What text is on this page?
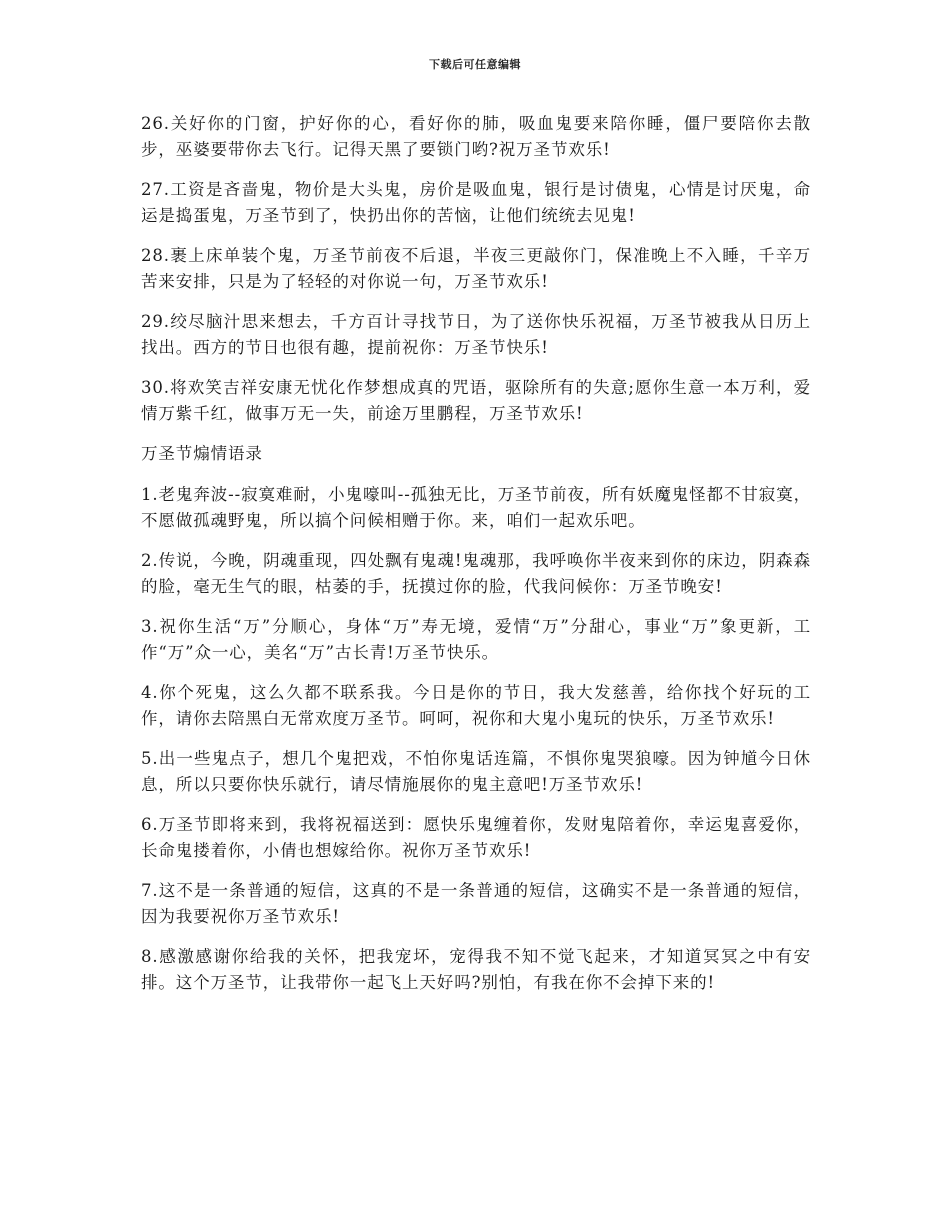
下载后可任意编辑

26.关好你的门窗，护好你的心，看好你的肺，吸血鬼要来陪你睡，僵尸要陪你去散步，巫婆要带你去飞行。记得天黑了要锁门哟?祝万圣节欢乐!

27.工资是吝啬鬼，物价是大头鬼，房价是吸血鬼，银行是讨债鬼，心情是讨厌鬼，命运是捣蛋鬼，万圣节到了，快扔出你的苦恼，让他们统统去见鬼!

28.裹上床单装个鬼，万圣节前夜不后退，半夜三更敲你门，保准晚上不入睡，千辛万苦来安排，只是为了轻轻的对你说一句，万圣节欢乐!

29.绞尽脑汁思来想去，千方百计寻找节日，为了送你快乐祝福，万圣节被我从日历上找出。西方的节日也很有趣，提前祝你：万圣节快乐!

30.将欢笑吉祥安康无忧化作梦想成真的咒语，驱除所有的失意;愿你生意一本万利，爱情万紫千红，做事万无一失，前途万里鹏程，万圣节欢乐!

万圣节煽情语录

1.老鬼奔波--寂寞难耐，小鬼嚎叫--孤独无比，万圣节前夜，所有妖魔鬼怪都不甘寂寞，不愿做孤魂野鬼，所以搞个问候相赠于你。来，咱们一起欢乐吧。

2.传说，今晚，阴魂重现，四处飘有鬼魂!鬼魂那，我呼唤你半夜来到你的床边，阴森森的脸，毫无生气的眼，枯萎的手，抚摸过你的脸，代我问候你：万圣节晚安!

3.祝你生活“万”分顺心，身体“万”寿无境，爱情“万”分甜心，事业“万”象更新，工作“万”众一心，美名“万”古长青!万圣节快乐。

4.你个死鬼，这么久都不联系我。今日是你的节日，我大发慈善，给你找个好玩的工作，请你去陪黑白无常欢度万圣节。呵呵，祝你和大鬼小鬼玩的快乐，万圣节欢乐!

5.出一些鬼点子，想几个鬼把戏，不怕你鬼话连篇，不惧你鬼哭狼嚎。因为钟馗今日休息，所以只要你快乐就行，请尽情施展你的鬼主意吧!万圣节欢乐!

6.万圣节即将来到，我将祝福送到：愿快乐鬼缠着你，发财鬼陪着你，幸运鬼喜爱你，长命鬼搂着你，小倩也想嫁给你。祝你万圣节欢乐!

7.这不是一条普通的短信，这真的不是一条普通的短信，这确实不是一条普通的短信，因为我要祝你万圣节欢乐!

8.感激感谢你给我的关怀，把我宠坏，宠得我不知不觉飞起来，才知道冥冥之中有安排。这个万圣节，让我带你一起飞上天好吗?别怕，有我在你不会掉下来的!
